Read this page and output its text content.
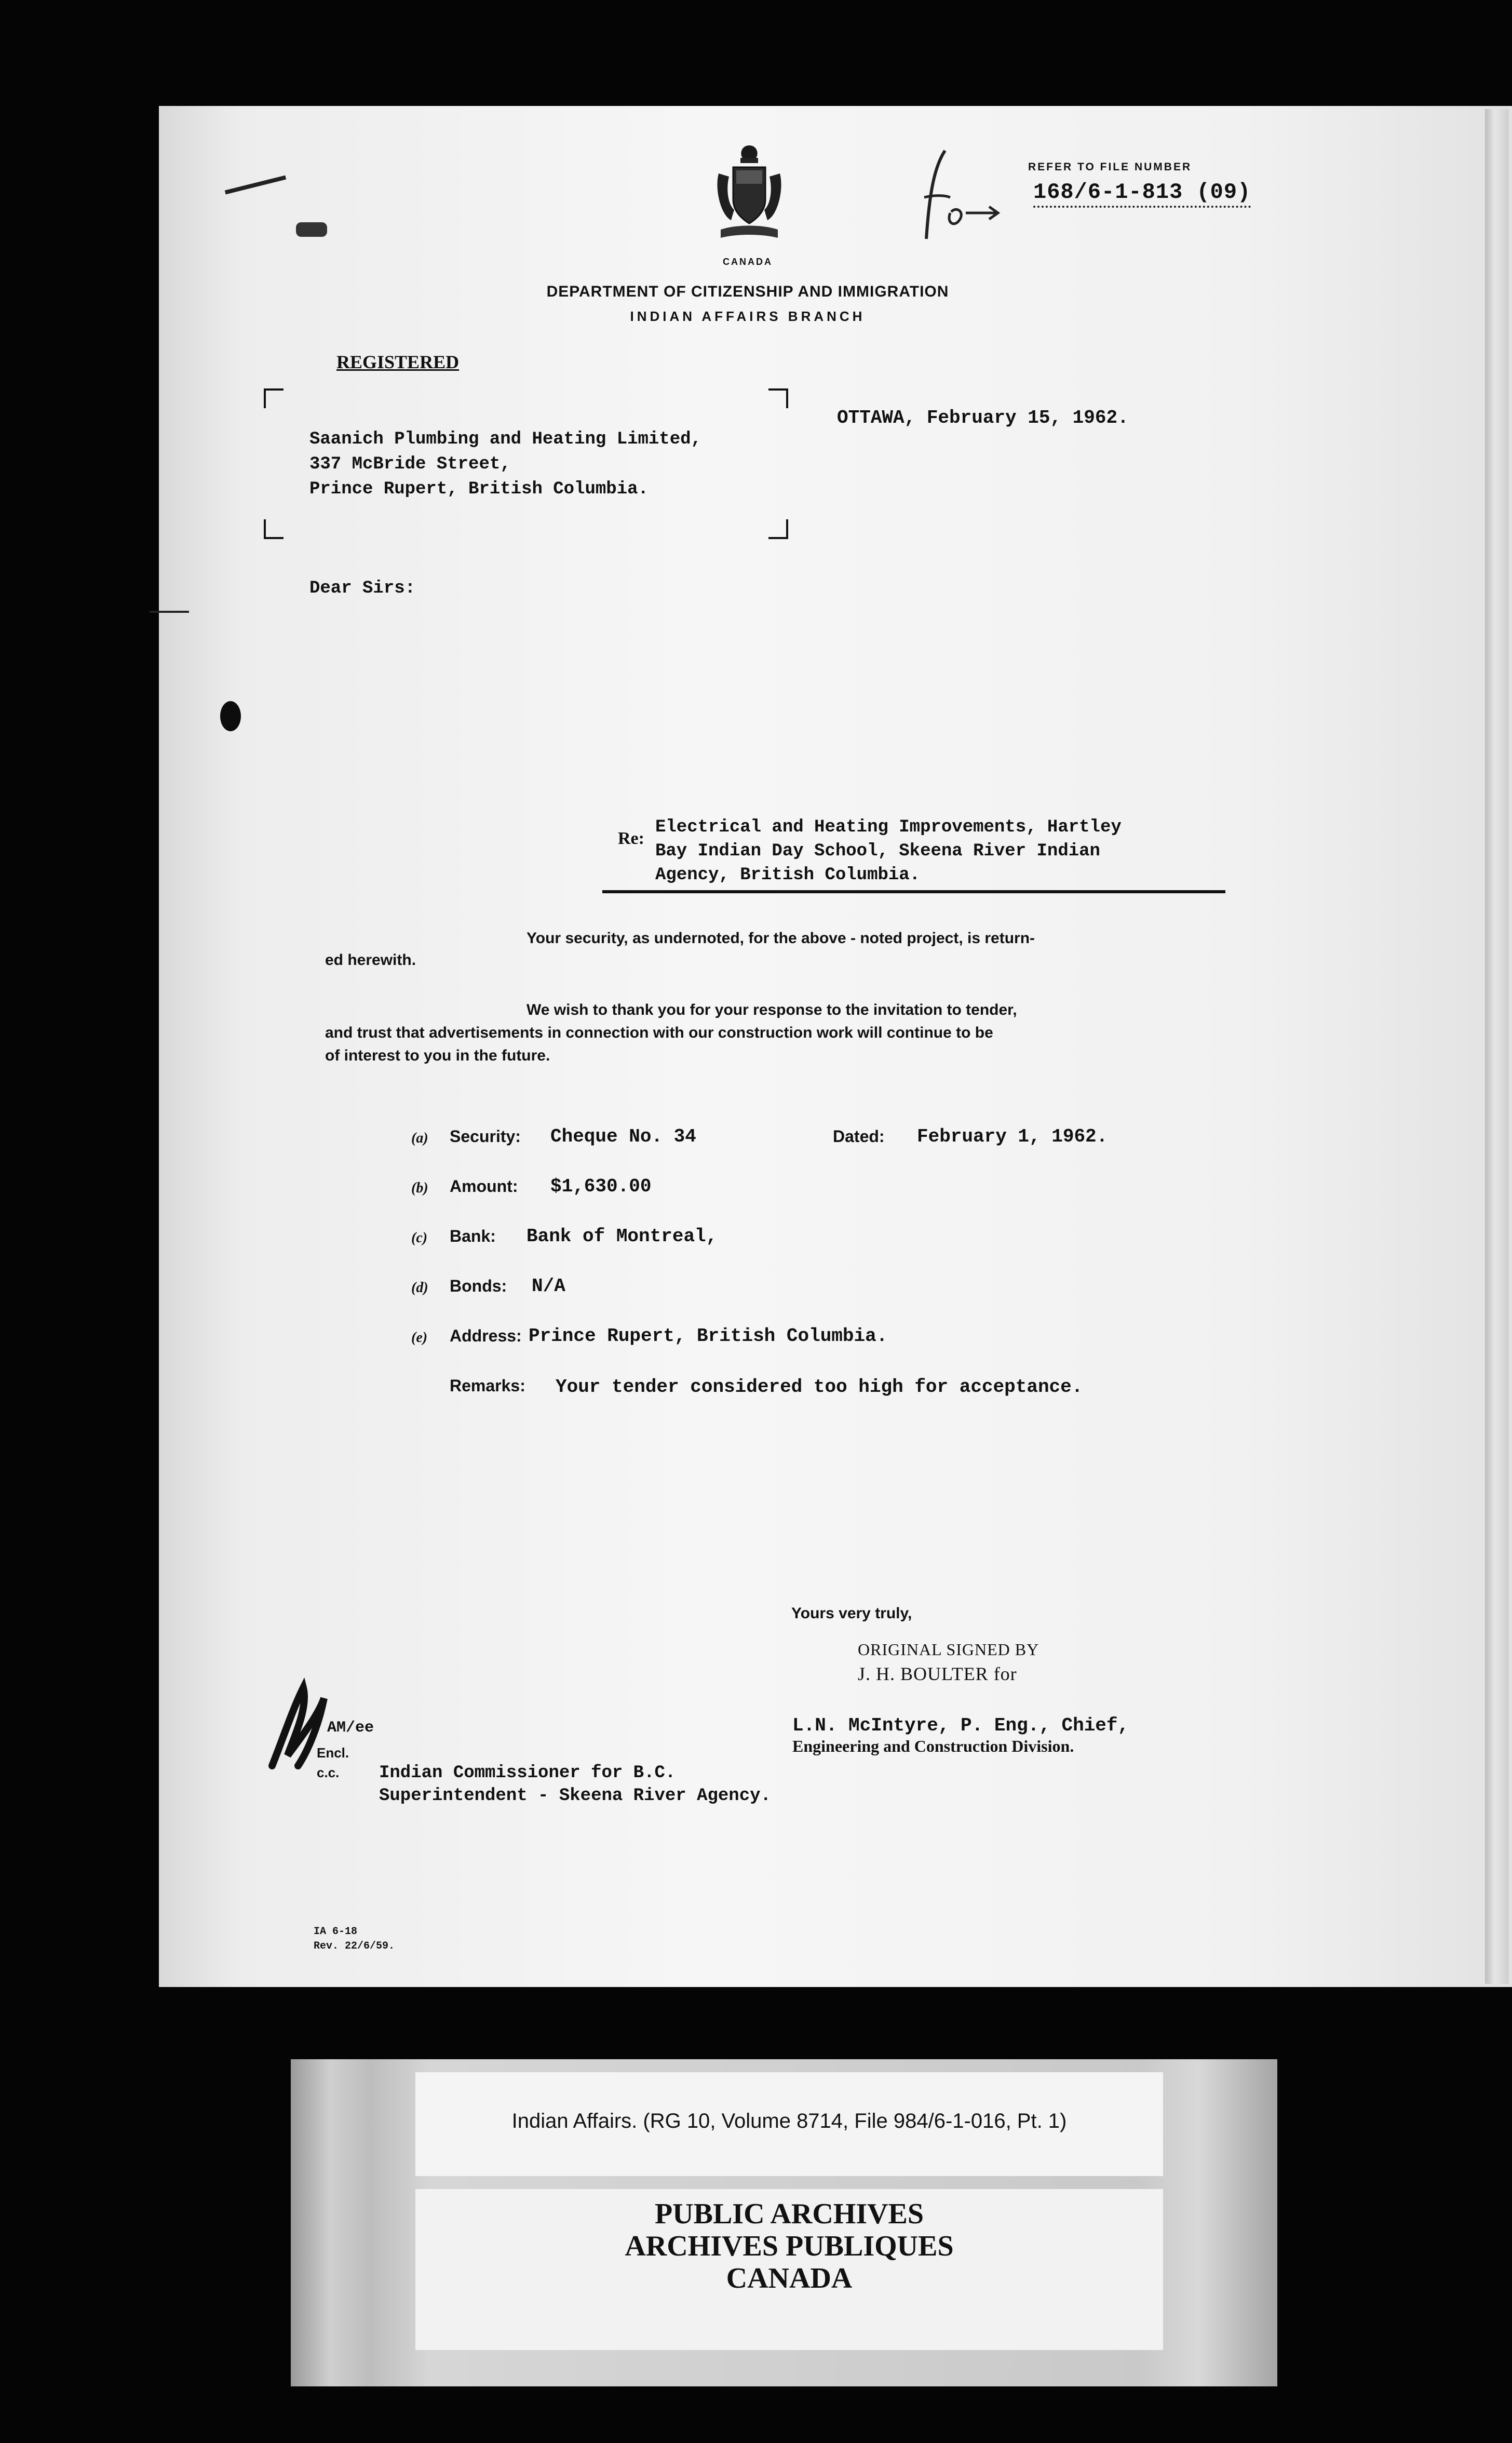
CANADA
DEPARTMENT OF CITIZENSHIP AND IMMIGRATION
INDIAN AFFAIRS BRANCH
REFER TO FILE NUMBER
168/6-1-813 (09)
REGISTERED
Saanich Plumbing and Heating Limited,
337 McBride Street,
Prince Rupert, British Columbia.
OTTAWA, February 15, 1962.
Dear Sirs:
Re:
Electrical and Heating Improvements, Hartley
Bay Indian Day School, Skeena River Indian
Agency, British Columbia.
Your security, as undernoted, for the above - noted project, is return-
ed herewith.
We wish to thank you for your response to the invitation to tender,
and trust that advertisements in connection with our construction work will continue to be
of interest to you in the future.
(a) Security: Cheque No. 34	Dated: February 1, 1962.
(b) Amount: $1,630.00
(c) Bank: Bank of Montreal,
(d) Bonds: N/A
(e) Address: Prince Rupert, British Columbia.
Remarks: Your tender considered too high for acceptance.
Yours very truly,
ORIGINAL SIGNED BY
J. H. BOULTER for
L.N. McIntyre, P. Eng., Chief,
Engineering and Construction Division.
AM/ee
Encl.
c.c. Indian Commissioner for B.C.
Superintendent - Skeena River Agency.
IA 6-18
Rev. 22/6/59.
Indian Affairs. (RG 10, Volume 8714, File 984/6-1-016, Pt. 1)
PUBLIC ARCHIVES
ARCHIVES PUBLIQUES
CANADA
